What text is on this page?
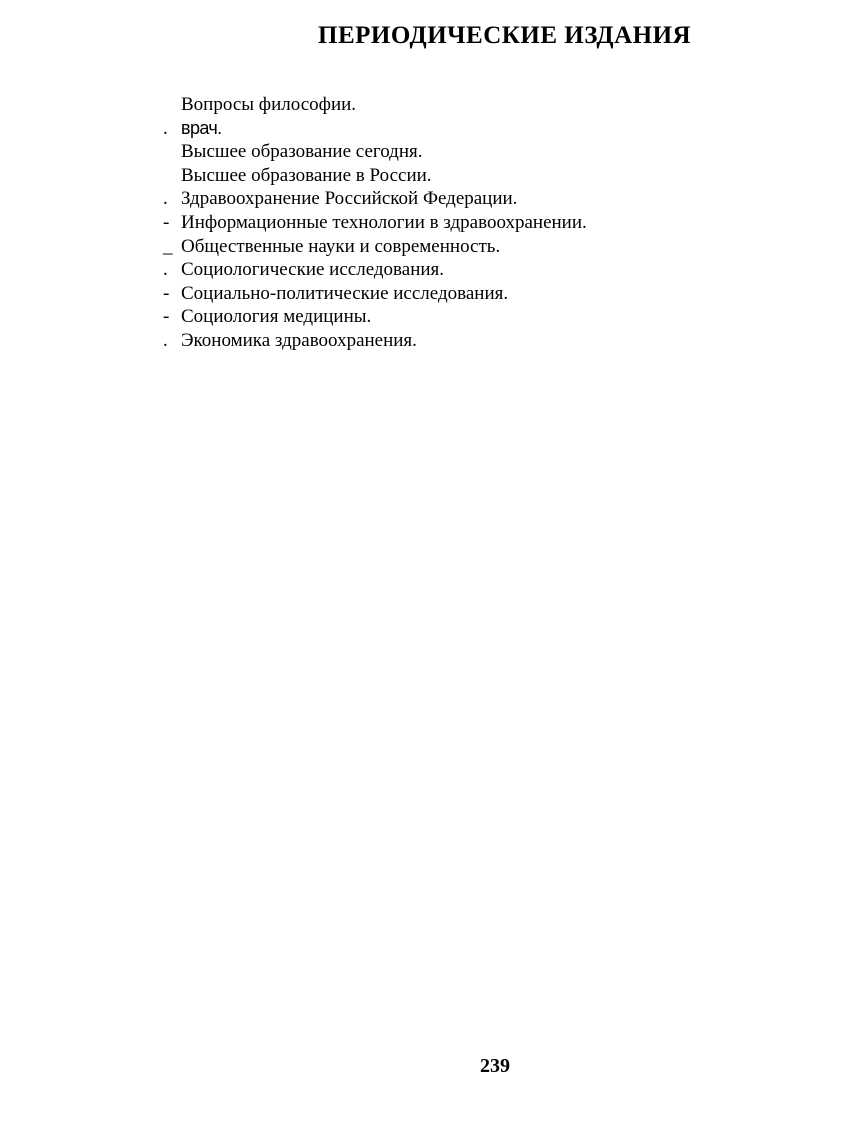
ПЕРИОДИЧЕСКИЕ ИЗДАНИЯ
Вопросы философии.
. врач.
Высшее образование сегодня.
Высшее образование в России.
. Здравоохранение Российской Федерации.
- Информационные технологии в здравоохранении.
_ Общественные науки и современность.
. Социологические исследования.
- Социально-политические исследования.
- Социология медицины.
. Экономика здравоохранения.

239
